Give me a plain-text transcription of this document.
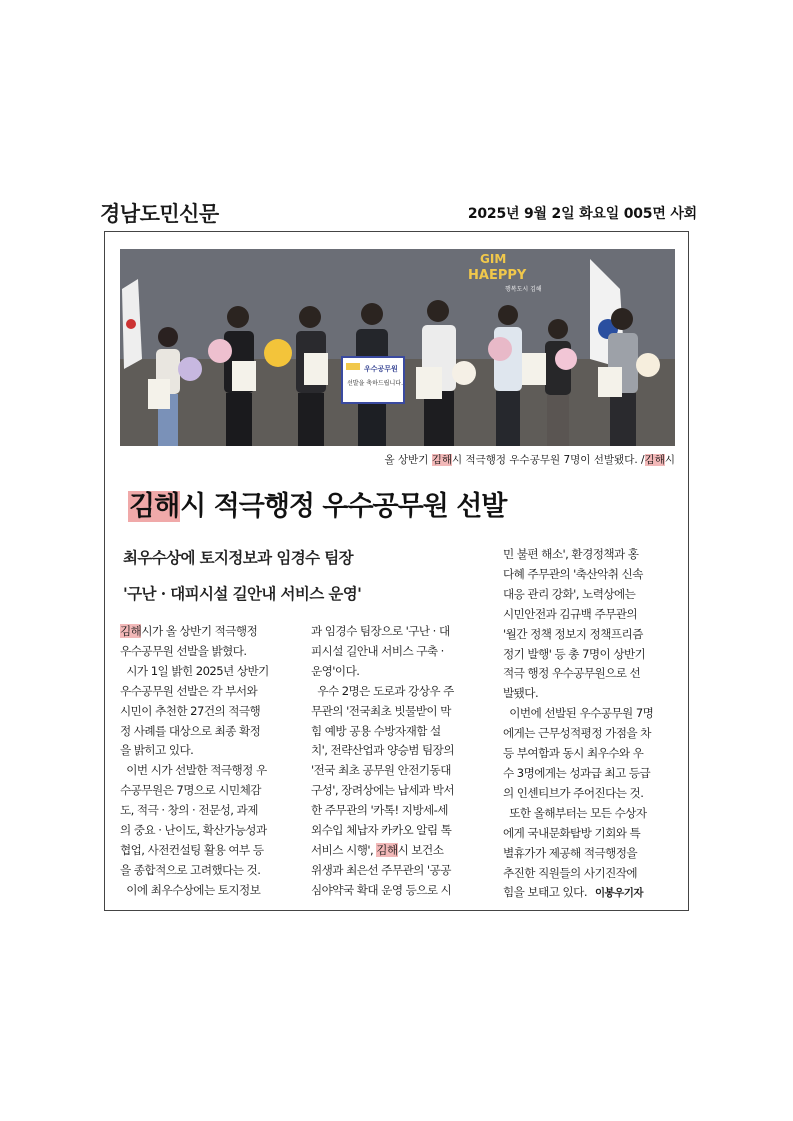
경남도민신문	2025년 9월 2일 화요일 005면 사회
GIM
HAEPPY
행복도시 김해
우수공무원
선발을 축하드립니다.
올 상반기 김해시 적극행정 우수공무원 7명이 선발됐다. /김해시
김해시 적극행정 우수공무원 선발
최우수상에 토지정보과 임경수 팀장
'구난 · 대피시설 길안내 서비스 운영'
김해시가 올 상반기 적극행정
우수공무원 선발을 밝혔다.
시가 1일 밝힌 2025년 상반기
우수공무원 선발은 각 부서와
시민이 추천한 27건의 적극행
정 사례를 대상으로 최종 확정
을 밝히고 있다.
이번 시가 선발한 적극행정 우
수공무원은 7명으로 시민체감
도, 적극 · 창의 · 전문성, 과제
의 중요 · 난이도, 확산가능성과
협업, 사전컨설팅 활용 여부 등
을 종합적으로 고려했다는 것.
이에 최우수상에는 토지정보
과 임경수 팀장으로 '구난 · 대
피시설 길안내 서비스 구축 ·
운영'이다.
우수 2명은 도로과 강상우 주
무관의 '전국최초 빗물받이 막
힘 예방 공용 수방자재함 설
치', 전략산업과 양승범 팀장의
'전국 최초 공무원 안전기동대
구성', 장려상에는 납세과 박서
한 주무관의 '카톡! 지방세-세
외수입 체납자 카카오 알림 톡
서비스 시행', 김해시 보건소
위생과 최은선 주무관의 '공공
심야약국 확대 운영 등으로 시
민 불편 해소', 환경정책과 홍
다혜 주무관의 '축산악취 신속
대응 관리 강화', 노력상에는
시민안전과 김규백 주무관의
'월간 정책 정보지 정책프리즘
정기 발행' 등 총 7명이 상반기
적극 행정 우수공무원으로 선
발됐다.
이번에 선발된 우수공무원 7명
에게는 근무성적평정 가점을 차
등 부여함과 동시 최우수와 우
수 3명에게는 성과급 최고 등급
의 인센티브가 주어진다는 것.
또한 올해부터는 모든 수상자
에게 국내문화탐방 기회와 특
별휴가가 제공해 적극행정을
추진한 직원들의 사기진작에
힘을 보태고 있다. 이봉우기자
